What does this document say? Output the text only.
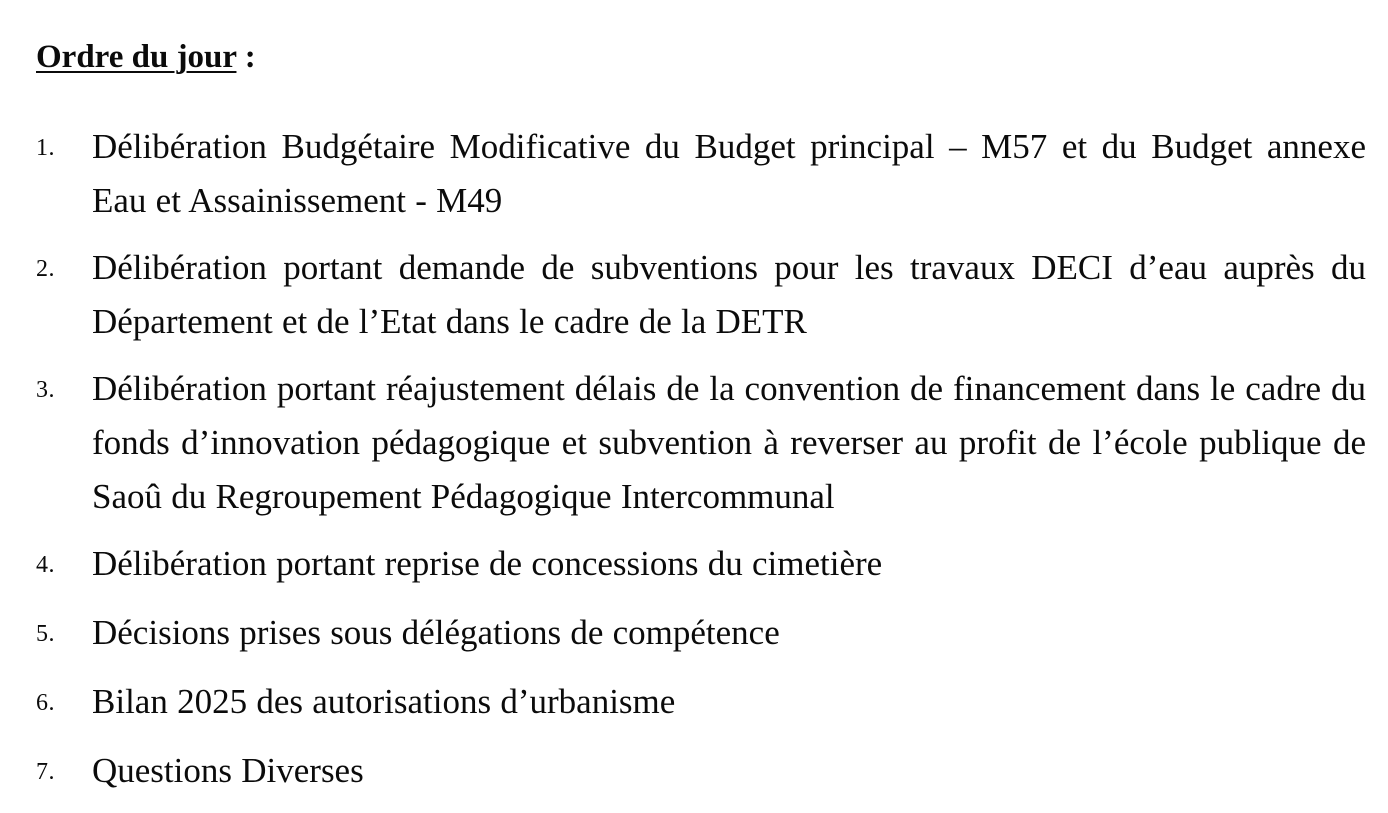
Ordre du jour :
1.	Délibération Budgétaire Modificative du Budget principal – M57 et du Budget annexe Eau et Assainissement - M49

2.	Délibération portant demande de subventions pour les travaux DECI d’eau auprès du Département et de l’Etat dans le cadre de la DETR

3.	Délibération portant réajustement délais de la convention de financement dans le cadre du fonds d’innovation pédagogique et subvention à reverser au profit de l’école publique de Saoû du Regroupement Pédagogique Intercommunal

4.	Délibération portant reprise de concessions du cimetière

5.	Décisions prises sous délégations de compétence

6.	Bilan 2025 des autorisations d’urbanisme

7.	Questions Diverses
